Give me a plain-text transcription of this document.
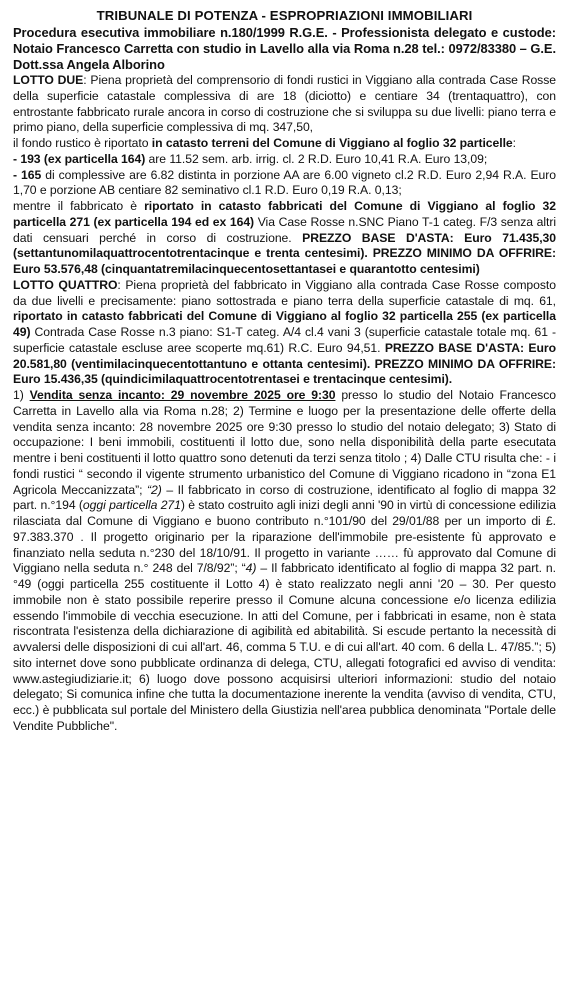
TRIBUNALE DI POTENZA - ESPROPRIAZIONI IMMOBILIARI

Procedura esecutiva immobiliare n.180/1999 R.G.E. - Professionista delegato e custode: Notaio Francesco Carretta con studio in Lavello alla via Roma n.28 tel.: 0972/83380 – G.E. Dott.ssa Angela Alborino

LOTTO DUE: Piena proprietà del comprensorio di fondi rustici in Viggiano alla contrada Case Rosse della superficie catastale complessiva di are 18 (diciotto) e centiare 34 (trentaquattro), con entrostante fabbricato rurale ancora in corso di costruzione che si sviluppa su due livelli: piano terra e primo piano, della superficie complessiva di mq. 347,50,

il fondo rustico è riportato in catasto terreni del Comune di Viggiano al foglio 32 particelle:

- 193 (ex particella 164) are 11.52 sem. arb. irrig. cl. 2 R.D. Euro 10,41 R.A. Euro 13,09;

- 165 di complessive are 6.82 distinta in porzione AA are 6.00 vigneto cl.2 R.D. Euro 2,94 R.A. Euro 1,70 e porzione AB centiare 82 seminativo cl.1 R.D. Euro 0,19 R.A. 0,13;

mentre il fabbricato è riportato in catasto fabbricati del Comune di Viggiano al foglio 32 particella 271 (ex particella 194 ed ex 164) Via Case Rosse n.SNC Piano T-1 categ. F/3 senza altri dati censuari perché in corso di costruzione. PREZZO BASE D'ASTA: Euro 71.435,30 (settantunomilaquattrocentotrentacinque e trenta centesimi). PREZZO MINIMO DA OFFRIRE: Euro 53.576,48 (cinquantatremilacinquecentosettantasei e quarantotto centesimi)

LOTTO QUATTRO: Piena proprietà del fabbricato in Viggiano alla contrada Case Rosse composto da due livelli e precisamente: piano sottostrada e piano terra della superficie catastale di mq. 61, riportato in catasto fabbricati del Comune di Viggiano al foglio 32 particella 255 (ex particella 49) Contrada Case Rosse n.3 piano: S1-T categ. A/4 cl.4 vani 3 (superficie catastale totale mq. 61 - superficie catastale escluse aree scoperte mq.61) R.C. Euro 94,51. PREZZO BASE D'ASTA: Euro 20.581,80 (ventimilacinquecentottantuno e ottanta centesimi). PREZZO MINIMO DA OFFRIRE: Euro 15.436,35 (quindicimilaquattrocentotrentasei e trentacinque centesimi).

1) Vendita senza incanto: 29 novembre 2025 ore 9:30 presso lo studio del Notaio Francesco Carretta in Lavello alla via Roma n.28; 2) Termine e luogo per la presentazione delle offerte della vendita senza incanto: 28 novembre 2025 ore 9:30 presso lo studio del notaio delegato; 3) Stato di occupazione: I beni immobili, costituenti il lotto due, sono nella disponibilità della parte esecutata mentre i beni costituenti il lotto quattro sono detenuti da terzi senza titolo ; 4) Dalle CTU risulta che: - i fondi rustici “ secondo il vigente strumento urbanistico del Comune di Viggiano ricadono in “zona E1 Agricola Meccanizzata”; “2) – Il fabbricato in corso di costruzione, identificato al foglio di mappa 32 part. n.°194 (oggi particella 271) è stato costruito agli inizi degli anni '90 in virtù di concessione edilizia rilasciata dal Comune di Viggiano e buono contributo n.°101/90 del 29/01/88 per un importo di £. 97.383.370 . Il progetto originario per la riparazione dell'immobile pre-esistente fù approvato e finanziato nella seduta n.°230 del 18/10/91. Il progetto in variante …… fù approvato dal Comune di Viggiano nella seduta n.° 248 del 7/8/92”; “4) – Il fabbricato identificato al foglio di mappa 32 part. n.°49 (oggi particella 255 costituente il Lotto 4) è stato realizzato negli anni '20 – 30. Per questo immobile non è stato possibile reperire presso il Comune alcuna concessione e/o licenza edilizia essendo l'immobile di vecchia esecuzione. In atti del Comune, per i fabbricati in esame, non è stata riscontrata l'esistenza della dichiarazione di agibilità ed abitabilità. Si escude pertanto la necessità di avvalersi delle disposizioni di cui all'art. 46, comma 5 T.U. e di cui all'art. 40 com. 6 della L. 47/85.”; 5) sito internet dove sono pubblicate ordinanza di delega, CTU, allegati fotografici ed avviso di vendita: www.astegiudiziarie.it; 6) luogo dove possono acquisirsi ulteriori informazioni: studio del notaio delegato; Si comunica infine che tutta la documentazione inerente la vendita (avviso di vendita, CTU, ecc.) è pubblicata sul portale del Ministero della Giustizia nell'area pubblica denominata "Portale delle Vendite Pubbliche".
